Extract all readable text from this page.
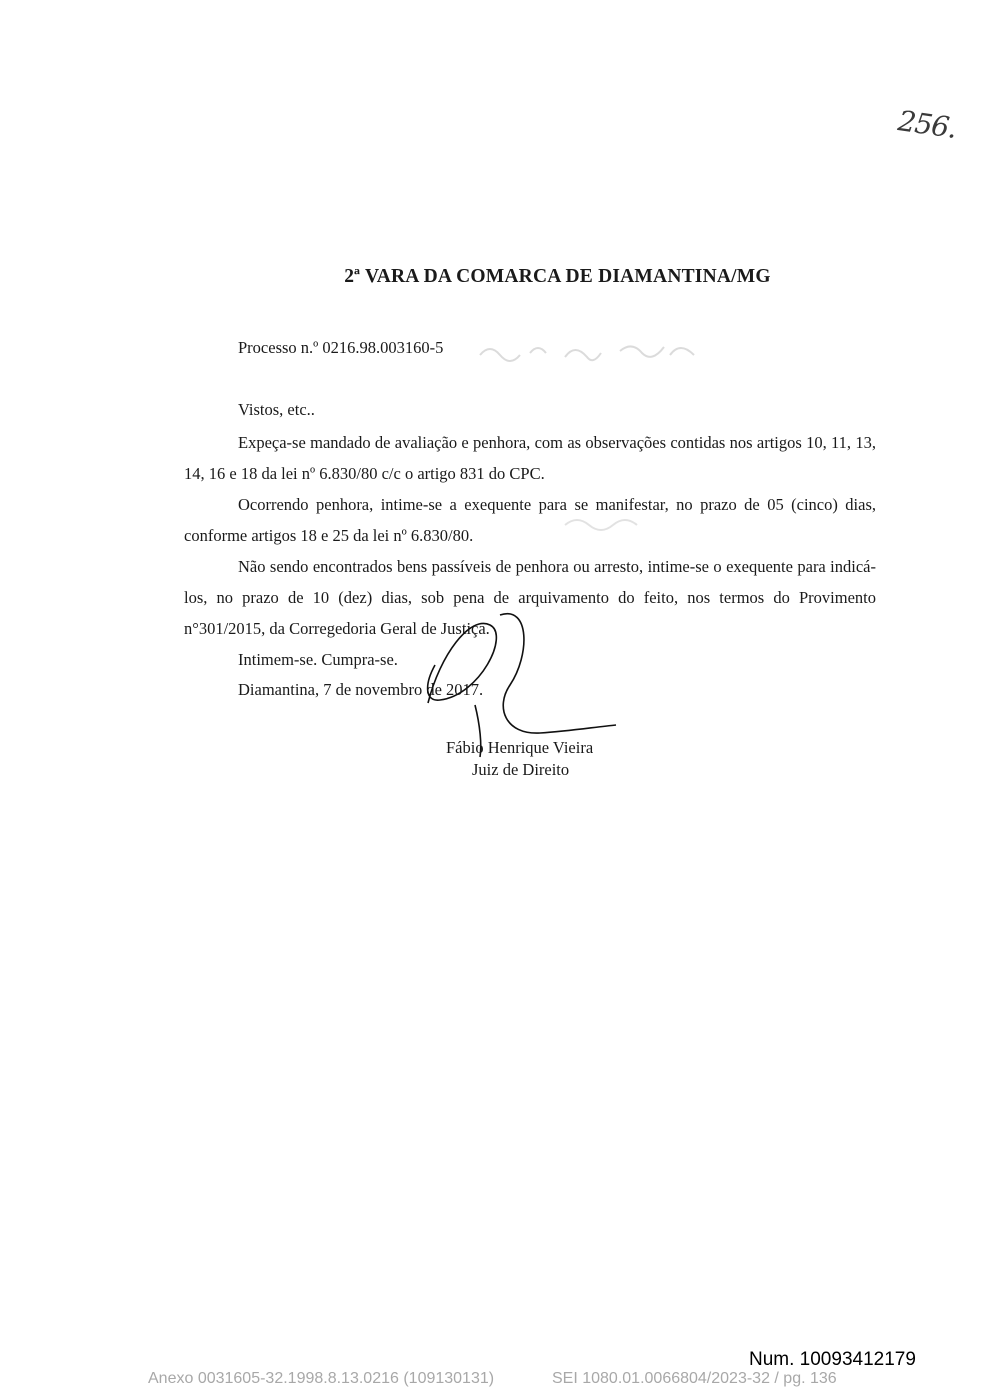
256.
2ª VARA DA COMARCA DE DIAMANTINA/MG
Processo n.º 0216.98.003160-5
Vistos, etc..

Expeça-se mandado de avaliação e penhora, com as observações contidas nos artigos 10, 11, 13, 14, 16 e 18 da lei nº 6.830/80 c/c o artigo 831 do CPC.

Ocorrendo penhora, intime-se a exequente para se manifestar, no prazo de 05 (cinco) dias, conforme artigos 18 e 25 da lei nº 6.830/80.

Não sendo encontrados bens passíveis de penhora ou arresto, intime-se o exequente para indicá-los, no prazo de 10 (dez) dias, sob pena de arquivamento do feito, nos termos do Provimento n°301/2015, da Corregedoria Geral de Justiça.

Intimem-se. Cumpra-se.
Diamantina, 7 de novembro de 2017.
Fábio Henrique Vieira
Juiz de Direito
Num. 10093412179
Anexo 0031605-32.1998.8.13.0216 (109130131)	SEI 1080.01.0066804/2023-32 / pg. 136
